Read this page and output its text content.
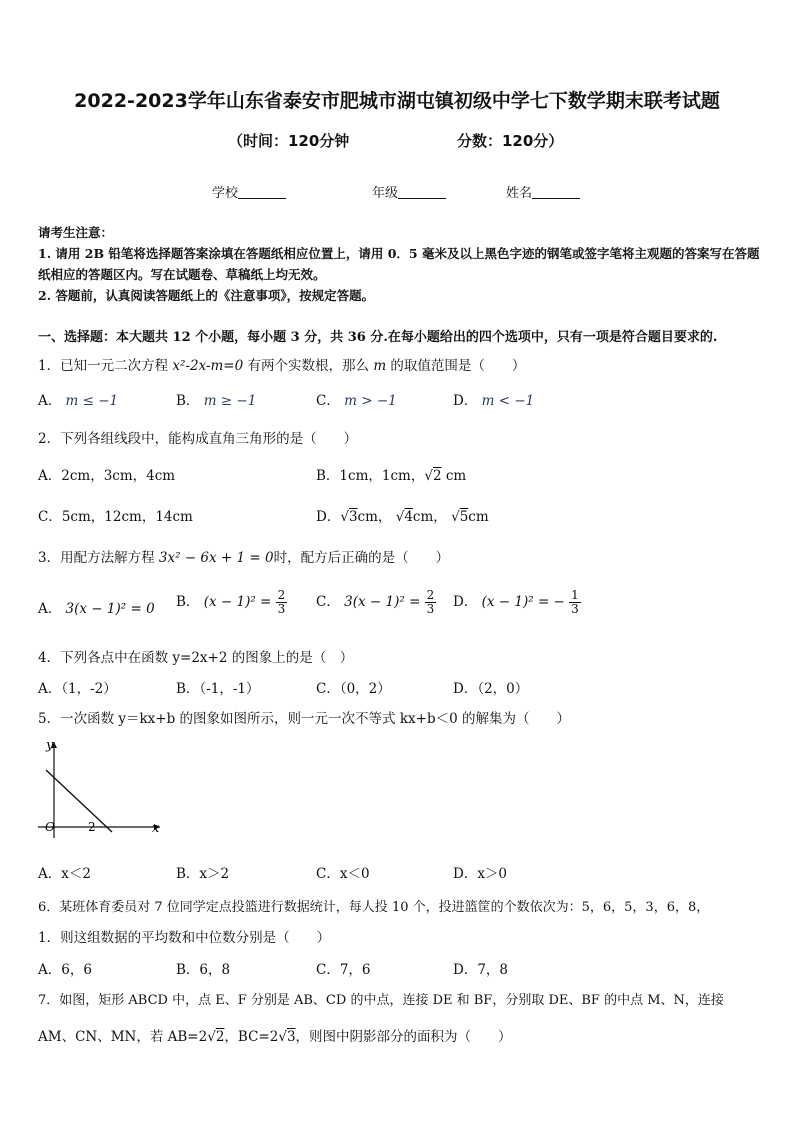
2022-2023学年山东省泰安市肥城市湖屯镇初级中学七下数学期末联考试题
（时间：120分钟	分数：120分）
学校	年级	姓名
请考生注意：
1. 请用 2B 铅笔将选择题答案涂填在答题纸相应位置上，请用 0．5 毫米及以上黑色字迹的钢笔或签字笔将主观题的答案写在答题纸相应的答题区内。写在试题卷、草稿纸上均无效。
2. 答题前，认真阅读答题纸上的《注意事项》，按规定答题。
一、选择题：本大题共 12 个小题，每小题 3 分，共 36 分.在每小题给出的四个选项中，只有一项是符合题目要求的.
1．已知一元二次方程 x²-2x-m=0 有两个实数根，那么 m 的取值范围是（　　）
A． m ≤ −1	B． m ≥ −1	C． m > −1	D． m < −1
2．下列各组线段中，能构成直角三角形的是（　　）
A．2cm，3cm，4cm	B．1cm，1cm，√2 cm
C．5cm，12cm，14cm	D．√3cm， √4cm， √5cm
3．用配方法解方程 3x² − 6x + 1 = 0时，配方后正确的是（　　）
A． 3(x − 1)² = 0 B． $(x - 1)^2 = \frac{2}{3}$ C． $3(x - 1)^2 = \frac{2}{3}$ D． (x − 1)² = − $\frac{1}{3}$
4．下列各点中在函数 y=2x+2 的图象上的是（　）
A．（1，-2）	B．（-1，-1）	C．（0，2）	D．（2，0）
5．一次函数 y＝kx+b 的图象如图所示，则一元一次不等式 kx+b＜0 的解集为（　　）
y
x
O	2
A．x＜2	B．x＞2	C．x＜0	D．x＞0
6．某班体育委员对 7 位同学定点投篮进行数据统计，每人投 10 个，投进篮筐的个数依次为：5，6，5，3，6，8，
1．则这组数据的平均数和中位数分别是（　　）
A．6，6	B．6，8	C．7，6	D．7，8
7．如图，矩形 ABCD 中，点 E、F 分别是 AB、CD 的中点，连接 DE 和 BF，分别取 DE、BF 的中点 M、N，连接
AM、CN、MN，若 AB=2√2，BC=2√3，则图中阴影部分的面积为（　　）
